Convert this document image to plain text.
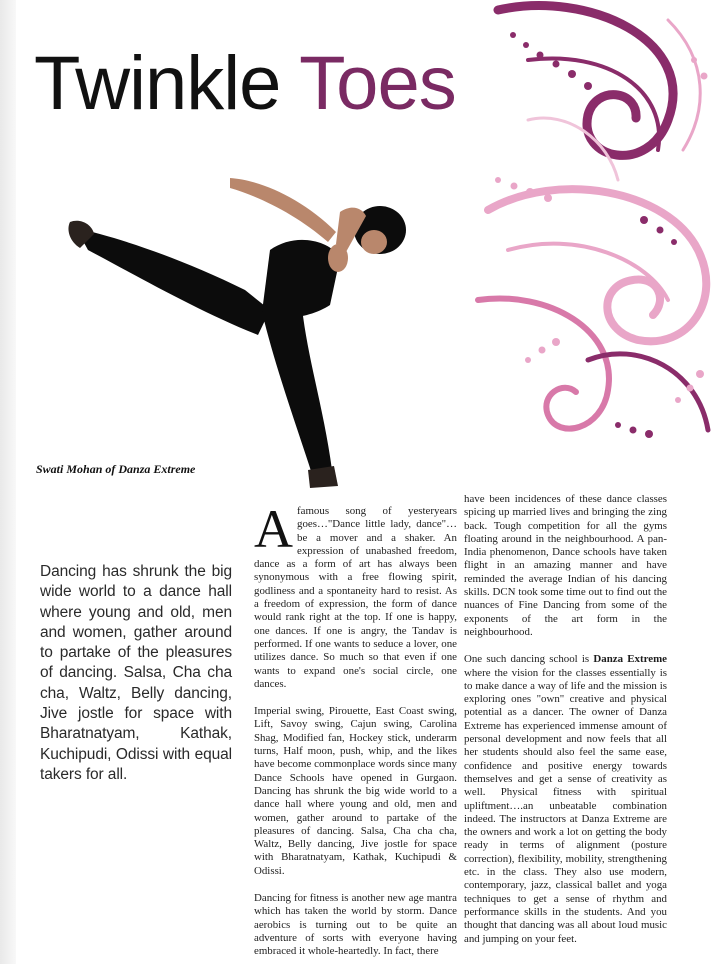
Twinkle Toes
Swati Mohan of Danza Extreme
Dancing has shrunk the big wide world to a dance hall where young and old, men and women, gather around to partake of the pleasures of dancing. Salsa, Cha cha cha, Waltz, Belly dancing, Jive jostle for space with Bharatnatyam, Kathak, Kuchipudi, Odissi with equal takers for all.

Afamous song of yesteryears goes…"Dance little lady, dance"…be a mover and a shaker. An expression of unabashed freedom, dance as a form of art has always been synonymous with a free flowing spirit, godliness and a spontaneity hard to resist. As a freedom of expression, the form of dance would rank right at the top. If one is happy, one dances. If one is angry, the Tandav is performed. If one wants to seduce a lover, one utilizes dance. So much so that even if one wants to expand one's social circle, one dances.

Imperial swing, Pirouette, East Coast swing, Lift, Savoy swing, Cajun swing, Carolina Shag, Modified fan, Hockey stick, underarm turns, Half moon, push, whip, and the likes have become commonplace words since many Dance Schools have opened in Gurgaon. Dancing has shrunk the big wide world to a dance hall where young and old, men and women, gather around to partake of the pleasures of dancing. Salsa, Cha cha cha, Waltz, Belly dancing, Jive jostle for space with Bharatnatyam, Kathak, Kuchipudi & Odissi.

Dancing for fitness is another new age mantra which has taken the world by storm. Dance aerobics is turning out to be quite an adventure of sorts with everyone having embraced it whole-heartedly. In fact, there

have been incidences of these dance classes spicing up married lives and bringing the zing back. Tough competition for all the gyms floating around in the neighbourhood. A pan-India phenomenon, Dance schools have taken flight in an amazing manner and have reminded the average Indian of his dancing skills. DCN took some time out to find out the nuances of Fine Dancing from some of the exponents of the art form in the neighbourhood.

One such dancing school is Danza Extreme where the vision for the classes essentially is to make dance a way of life and the mission is exploring ones "own" creative and physical potential as a dancer. The owner of Danza Extreme has experienced immense amount of personal development and now feels that all her students should also feel the same ease, confidence and positive energy towards themselves and get a sense of creativity as well. Physical fitness with spiritual upliftment….an unbeatable combination indeed. The instructors at Danza Extreme are the owners and work a lot on getting the body ready in terms of alignment (posture correction), flexibility, mobility, strengthening etc. in the class. They also use modern, contemporary, jazz, classical ballet and yoga techniques to get a sense of rhythm and performance skills in the students. And you thought that dancing was all about loud music and jumping on your feet.
